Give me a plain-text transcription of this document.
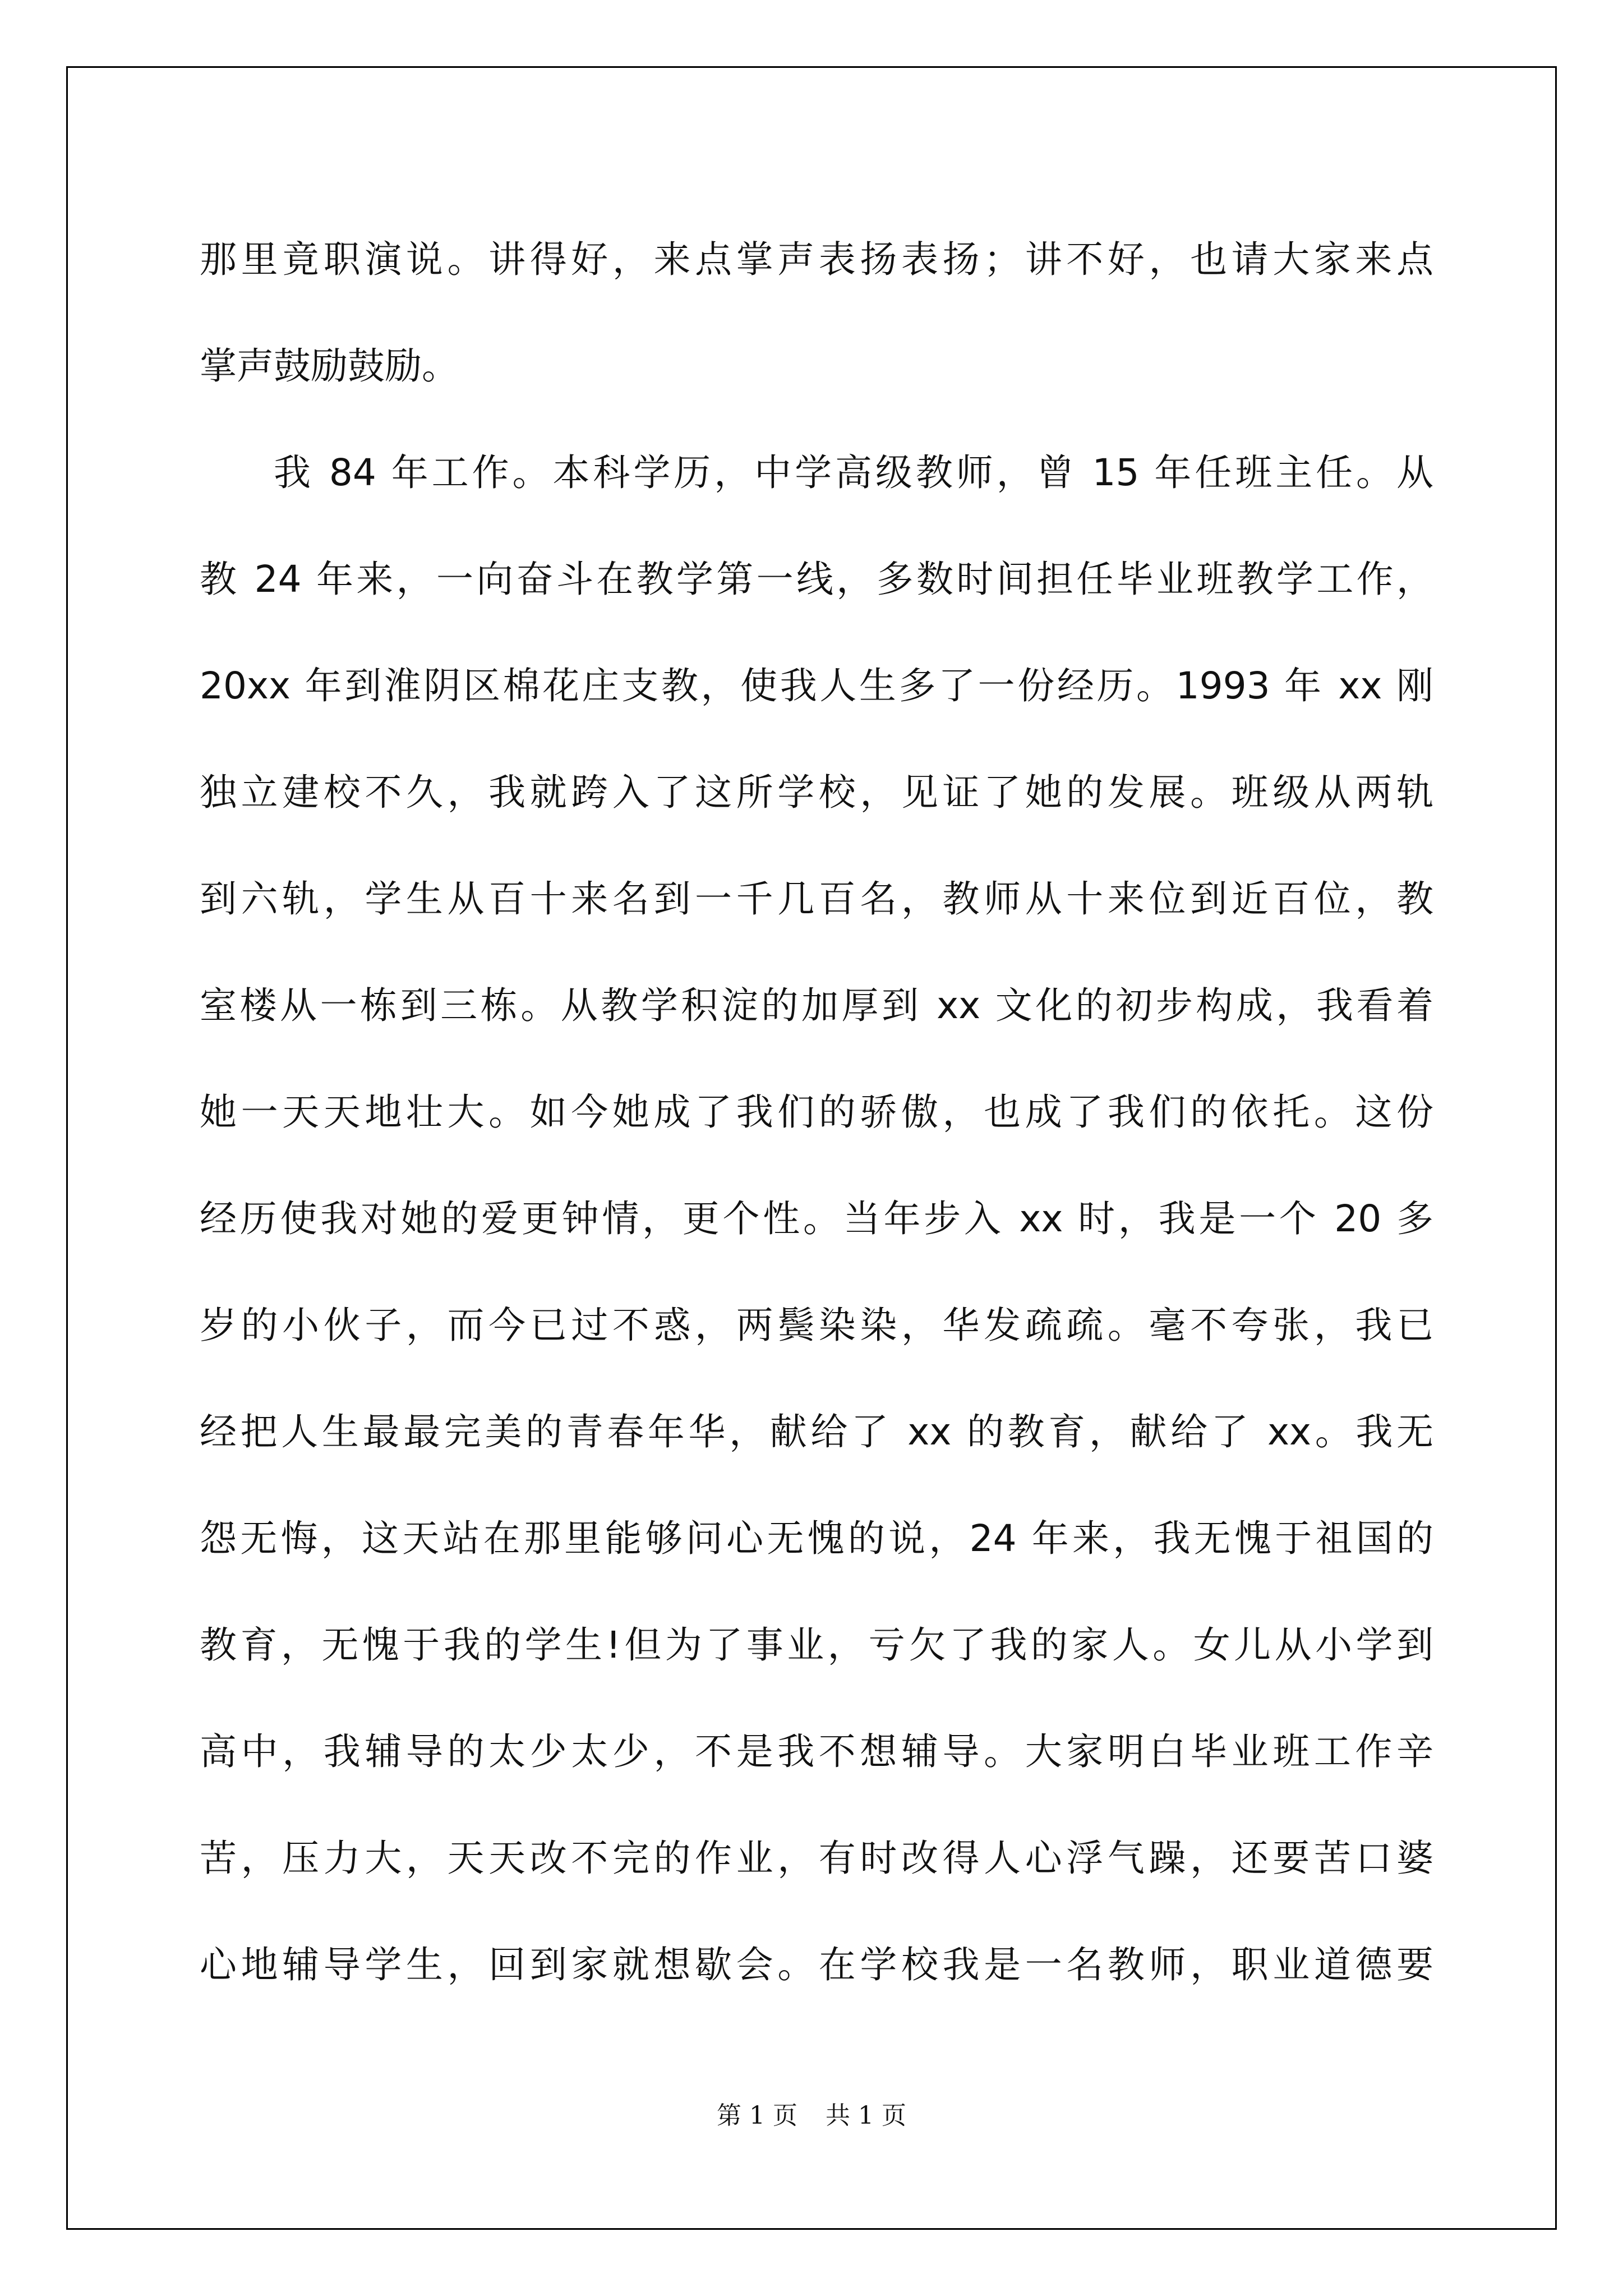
那里竟职演说。讲得好，来点掌声表扬表扬；讲不好，也请大家来点
掌声鼓励鼓励。
我 84 年工作。本科学历，中学高级教师，曾 15 年任班主任。从
教 24 年来，一向奋斗在教学第一线，多数时间担任毕业班教学工作，
20xx 年到淮阴区棉花庄支教，使我人生多了一份经历。1993 年 xx 刚
独立建校不久，我就跨入了这所学校，见证了她的发展。班级从两轨
到六轨，学生从百十来名到一千几百名，教师从十来位到近百位，教
室楼从一栋到三栋。从教学积淀的加厚到 xx 文化的初步构成，我看着
她一天天地壮大。如今她成了我们的骄傲，也成了我们的依托。这份
经历使我对她的爱更钟情，更个性。当年步入 xx 时，我是一个 20 多
岁的小伙子，而今已过不惑，两鬓染染，华发疏疏。毫不夸张，我已
经把人生最最完美的青春年华，献给了 xx 的教育，献给了 xx。我无
怨无悔，这天站在那里能够问心无愧的说，24 年来，我无愧于祖国的
教育，无愧于我的学生!但为了事业，亏欠了我的家人。女儿从小学到
高中，我辅导的太少太少，不是我不想辅导。大家明白毕业班工作辛
苦，压力大，天天改不完的作业，有时改得人心浮气躁，还要苦口婆
心地辅导学生，回到家就想歇会。在学校我是一名教师，职业道德要
第 1 页 共 1 页
